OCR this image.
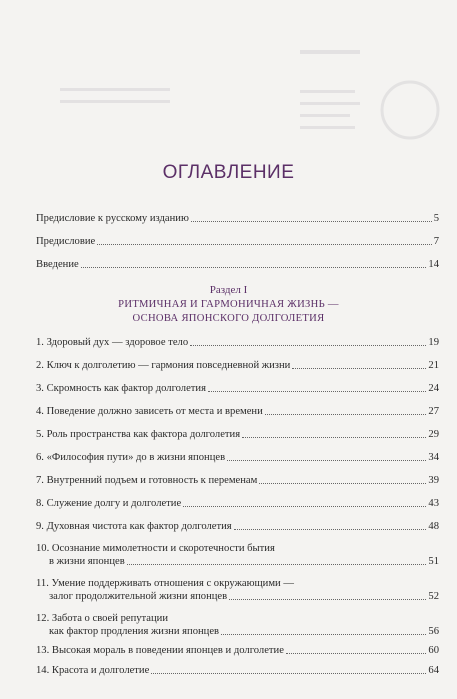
ОГЛАВЛЕНИЕ
Предисловие к русскому изданию	5
Предисловие	7
Введение	14
Раздел I
РИТМИЧНАЯ И ГАРМОНИЧНАЯ ЖИЗНЬ —
ОСНОВА ЯПОНСКОГО ДОЛГОЛЕТИЯ
1. Здоровый дух — здоровое тело	19
2. Ключ к долголетию — гармония повседневной жизни	21
3. Скромность как фактор долголетия	24
4. Поведение должно зависеть от места и времени	27
5. Роль пространства как фактора долголетия	29
6. «Философия пути» до в жизни японцев	34
7. Внутренний подъем и готовность к переменам	39
8. Служение долгу и долголетие	43
9. Духовная чистота как фактор долголетия	48
10. Осознание мимолетности и скоротечности бытия
в жизни японцев	51
11. Умение поддерживать отношения с окружающими —
залог продолжительной жизни японцев	52
12. Забота о своей репутации
как фактор продления жизни японцев	56
13. Высокая мораль в поведении японцев и долголетие	60
14. Красота и долголетие	64
